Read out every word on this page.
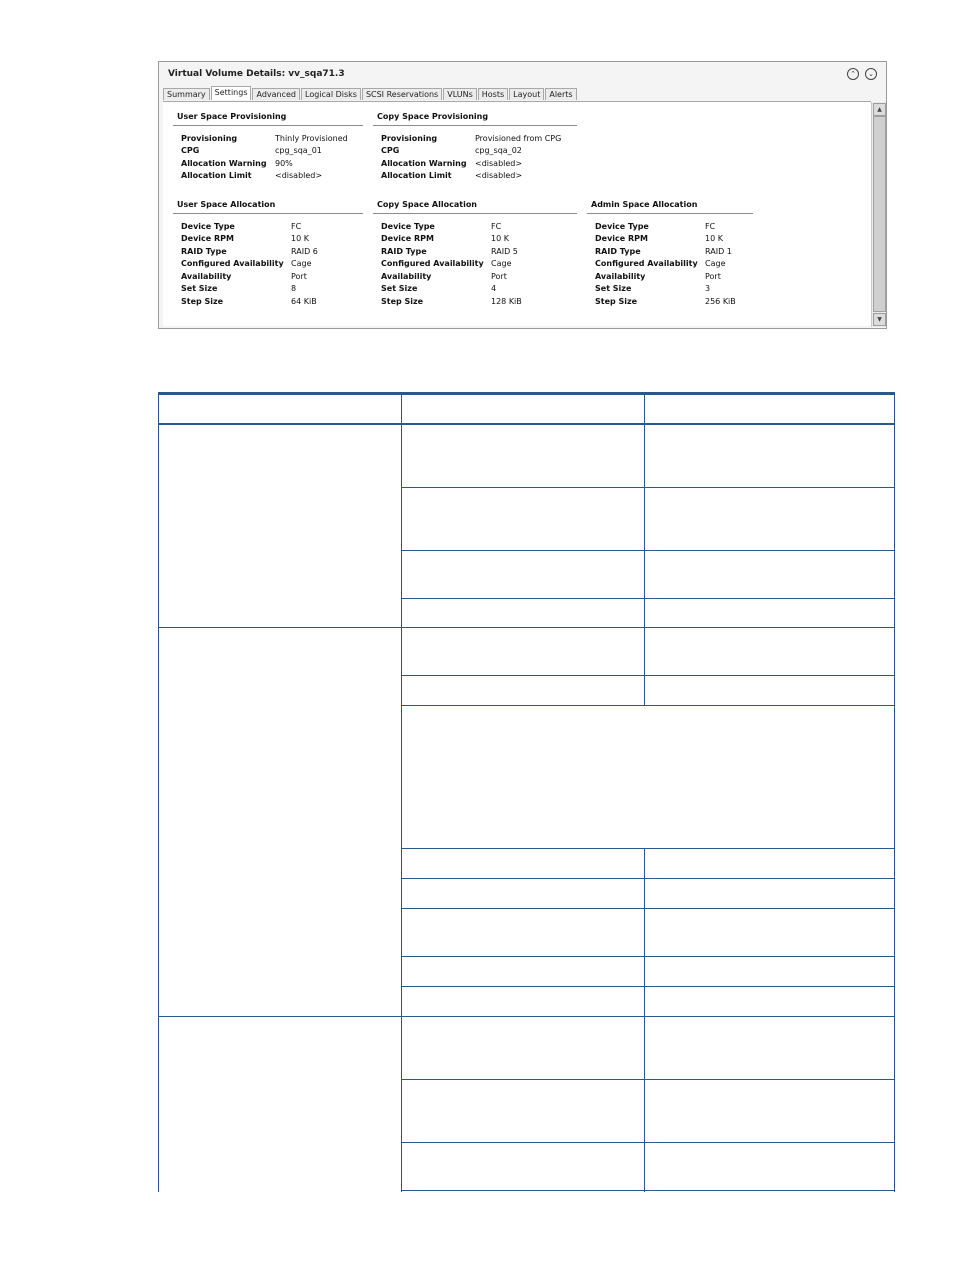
Virtual Volume Details: vv_sqa71.3	⌃	⌄
Summary	Settings	Advanced	Logical Disks	SCSI Reservations	VLUNs	Hosts	Layout	Alerts
User Space Provisioning
Provisioning	Thinly Provisioned
CPG	cpg_sqa_01
Allocation Warning 90%
Allocation Limit	<disabled>
Copy Space Provisioning
Provisioning	Provisioned from CPG
CPG	cpg_sqa_02
Allocation Warning <disabled>
Allocation Limit	<disabled>
User Space Allocation
Device Type	FC
Device RPM	10 K
RAID Type	RAID 6
Configured Availability Cage
Availability	Port
Set Size	8
Step Size	64 KiB
Copy Space Allocation
Device Type	FC
Device RPM	10 K
RAID Type	RAID 5
Configured Availability Cage
Availability	Port
Set Size	4
Step Size	128 KiB
Admin Space Allocation
Device Type	FC
Device RPM	10 K
RAID Type	RAID 1
Configured Availability Cage
Availability	Port
Set Size	3
Step Size	256 KiB
▲
▼
